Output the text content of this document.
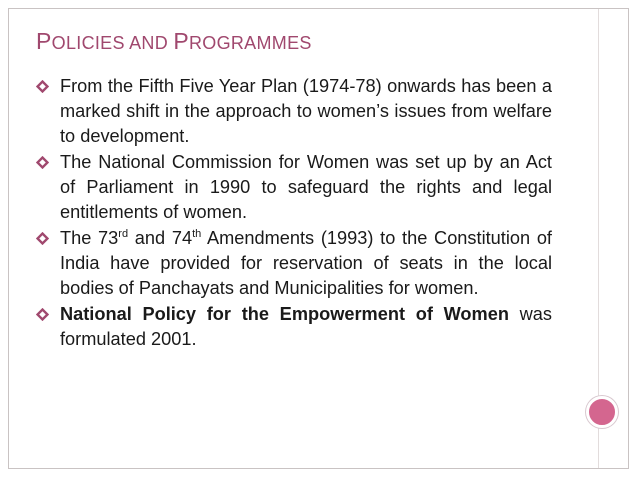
POLICIES AND PROGRAMMES
From the Fifth Five Year Plan (1974-78) onwards has been a marked shift in the approach to women’s issues from welfare to development.
The National Commission for Women was set up by an Act of Parliament in 1990 to safeguard the rights and legal entitlements of women.
The 73rd and 74th Amendments (1993) to the Constitution of India have provided for reservation of seats in the local bodies of Panchayats and Municipalities for women.
National Policy for the Empowerment of Women was formulated 2001.
